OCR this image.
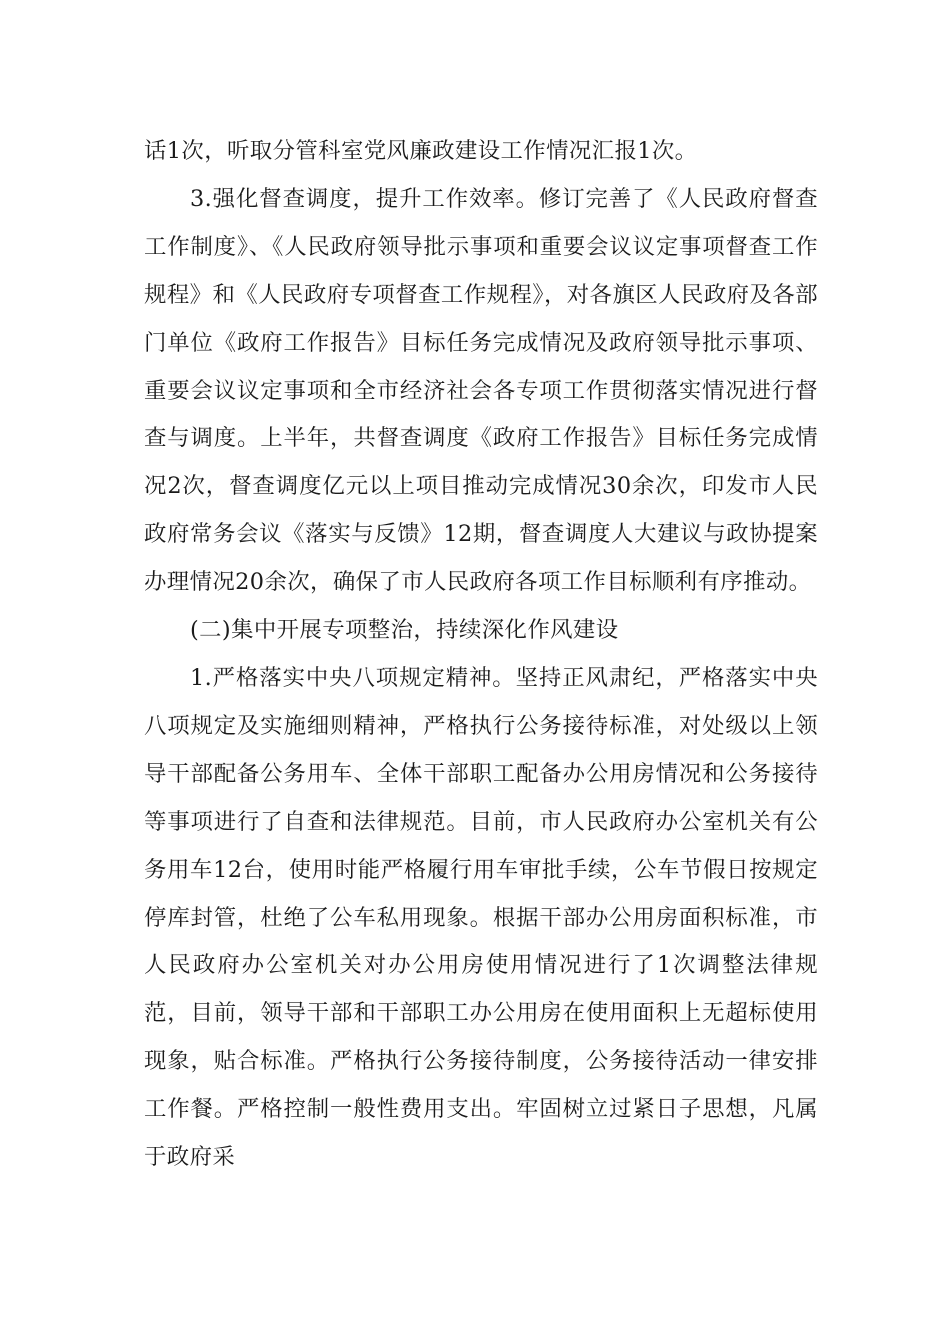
话1次，听取分管科室党风廉政建设工作情况汇报1次。

3.强化督查调度，提升工作效率。修订完善了《人民政府督查工作制度》、《人民政府领导批示事项和重要会议议定事项督查工作规程》和《人民政府专项督查工作规程》，对各旗区人民政府及各部门单位《政府工作报告》目标任务完成情况及政府领导批示事项、重要会议议定事项和全市经济社会各专项工作贯彻落实情况进行督查与调度。上半年，共督查调度《政府工作报告》目标任务完成情况2次，督查调度亿元以上项目推动完成情况30余次，印发市人民政府常务会议《落实与反馈》12期，督查调度人大建议与政协提案办理情况20余次，确保了市人民政府各项工作目标顺利有序推动。

(二)集中开展专项整治，持续深化作风建设

1.严格落实中央八项规定精神。坚持正风肃纪，严格落实中央八项规定及实施细则精神，严格执行公务接待标准，对处级以上领导干部配备公务用车、全体干部职工配备办公用房情况和公务接待等事项进行了自查和法律规范。目前，市人民政府办公室机关有公务用车12台，使用时能严格履行用车审批手续，公车节假日按规定停库封管，杜绝了公车私用现象。根据干部办公用房面积标准，市人民政府办公室机关对办公用房使用情况进行了1次调整法律规范，目前，领导干部和干部职工办公用房在使用面积上无超标使用现象，贴合标准。严格执行公务接待制度，公务接待活动一律安排工作餐。严格控制一般性费用支出。牢固树立过紧日子思想，凡属于政府采
